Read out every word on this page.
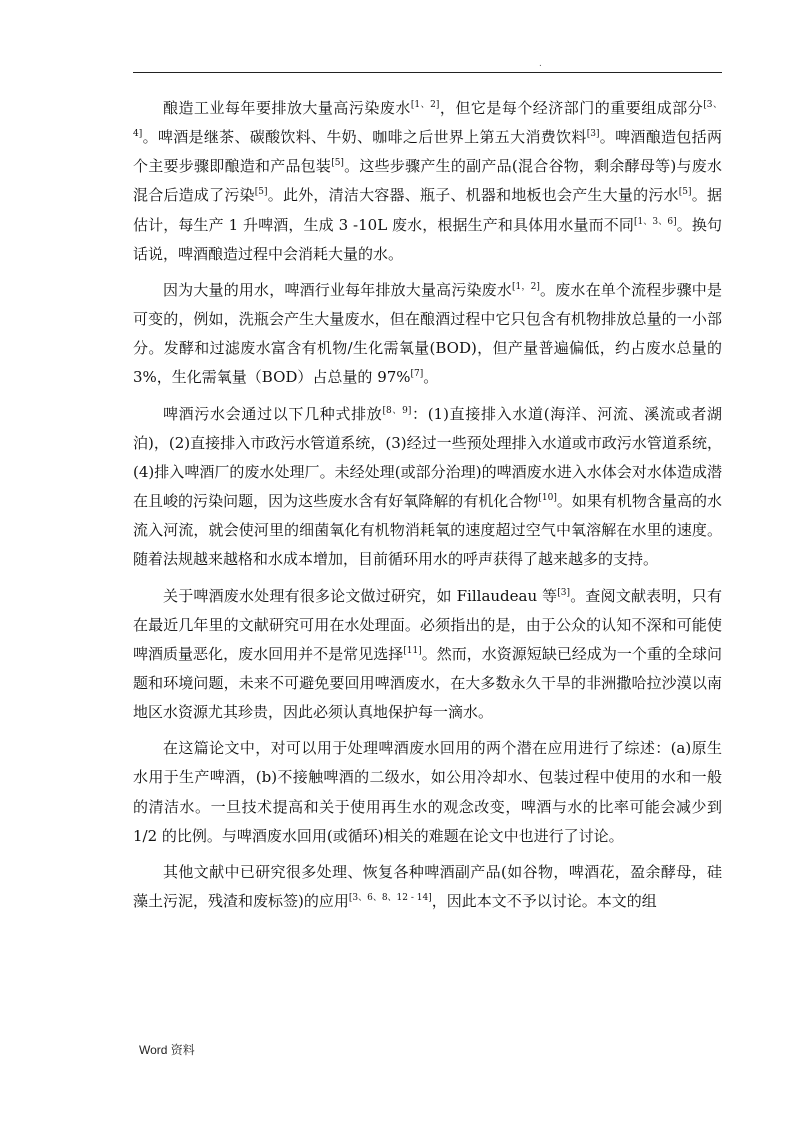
.

酿造工业每年要排放大量高污染废水[1、2]，但它是每个经济部门的重要组成部分[3、4]。啤酒是继茶、碳酸饮料、牛奶、咖啡之后世界上第五大消费饮料[3]。啤酒酿造包括两个主要步骤即酿造和产品包装[5]。这些步骤产生的副产品(混合谷物，剩余酵母等)与废水混合后造成了污染[5]。此外，清洁大容器、瓶子、机器和地板也会产生大量的污水[5]。据估计，每生产 1 升啤酒，生成 3 -10L 废水，根据生产和具体用水量而不同[1、3、6]。换句话说，啤酒酿造过程中会消耗大量的水。

因为大量的用水，啤酒行业每年排放大量高污染废水[1，2]。废水在单个流程步骤中是可变的，例如，洗瓶会产生大量废水，但在酿酒过程中它只包含有机物排放总量的一小部分。发酵和过滤废水富含有机物/生化需氧量(BOD)，但产量普遍偏低，约占废水总量的 3%，生化需氧量（BOD）占总量的 97%[7]。

啤酒污水会通过以下几种式排放[8、9]：(1)直接排入水道(海洋、河流、溪流或者湖泊)，(2)直接排入市政污水管道系统，(3)经过一些预处理排入水道或市政污水管道系统，(4)排入啤酒厂的废水处理厂。未经处理(或部分治理)的啤酒废水进入水体会对水体造成潜在且峻的污染问题，因为这些废水含有好氧降解的有机化合物[10]。如果有机物含量高的水流入河流，就会使河里的细菌氧化有机物消耗氧的速度超过空气中氧溶解在水里的速度。随着法规越来越格和水成本增加，目前循环用水的呼声获得了越来越多的支持。

关于啤酒废水处理有很多论文做过研究，如 Fillaudeau 等[3]。查阅文献表明，只有在最近几年里的文献研究可用在水处理面。必须指出的是，由于公众的认知不深和可能使啤酒质量恶化，废水回用并不是常见选择[11]。然而，水资源短缺已经成为一个重的全球问题和环境问题，未来不可避免要回用啤酒废水，在大多数永久干旱的非洲撒哈拉沙漠以南地区水资源尤其珍贵，因此必须认真地保护每一滴水。

在这篇论文中，对可以用于处理啤酒废水回用的两个潜在应用进行了综述：(a)原生水用于生产啤酒，(b)不接触啤酒的二级水，如公用冷却水、包装过程中使用的水和一般的清洁水。一旦技术提高和关于使用再生水的观念改变，啤酒与水的比率可能会减少到 1/2 的比例。与啤酒废水回用(或循环)相关的难题在论文中也进行了讨论。

其他文献中已研究很多处理、恢复各种啤酒副产品(如谷物，啤酒花，盈余酵母，硅藻土污泥，残渣和废标签)的应用[3、6、8、12 - 14]，因此本文不予以讨论。本文的组

Word 资料
